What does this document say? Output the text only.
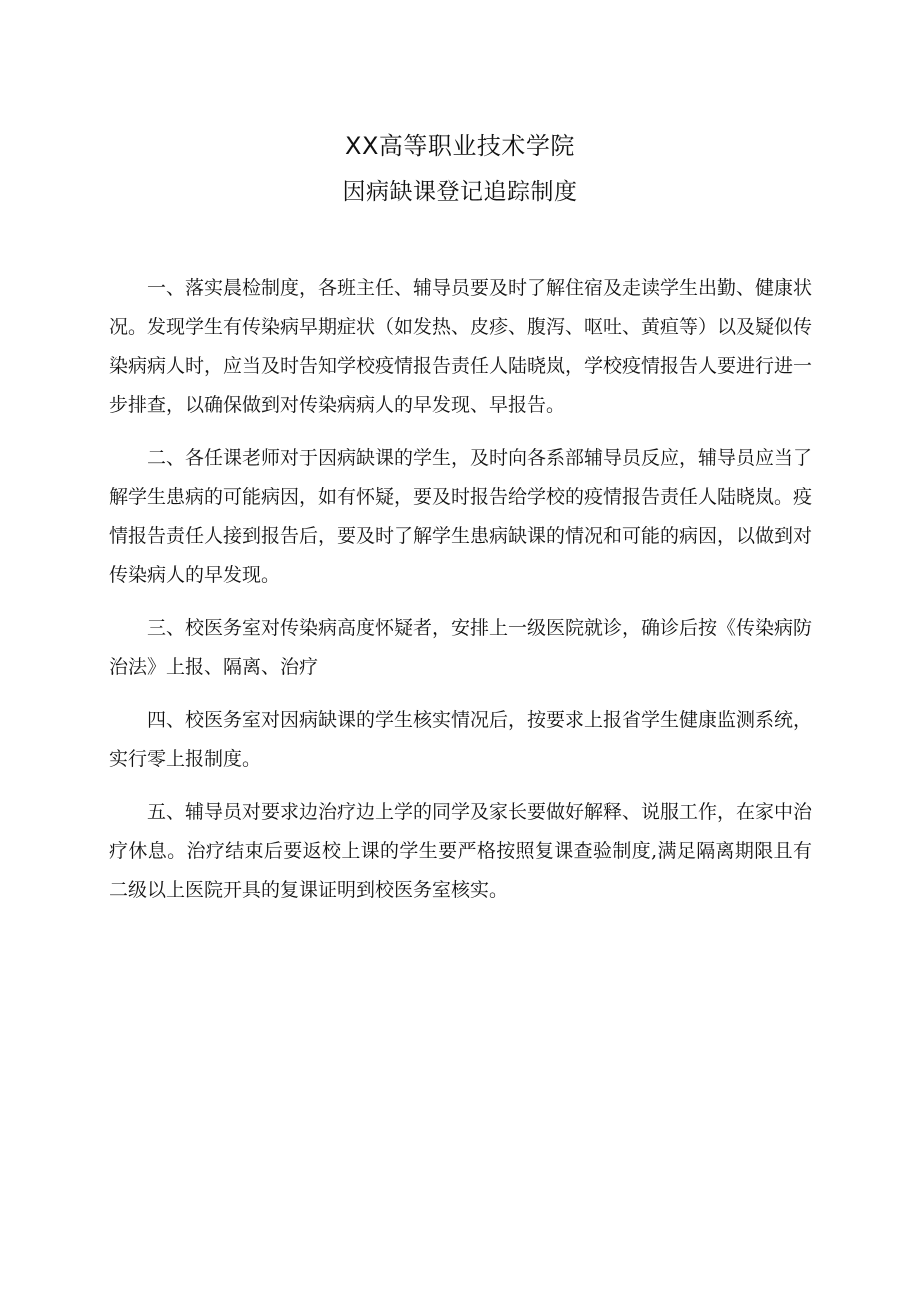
XX高等职业技术学院
因病缺课登记追踪制度

一、落实晨检制度，各班主任、辅导员要及时了解住宿及走读学生出勤、健康状况。发现学生有传染病早期症状（如发热、皮疹、腹泻、呕吐、黄疸等）以及疑似传染病病人时，应当及时告知学校疫情报告责任人陆晓岚，学校疫情报告人要进行进一步排查，以确保做到对传染病病人的早发现、早报告。

二、各任课老师对于因病缺课的学生，及时向各系部辅导员反应，辅导员应当了解学生患病的可能病因，如有怀疑，要及时报告给学校的疫情报告责任人陆晓岚。疫情报告责任人接到报告后，要及时了解学生患病缺课的情况和可能的病因，以做到对传染病人的早发现。

三、校医务室对传染病高度怀疑者，安排上一级医院就诊，确诊后按《传染病防治法》上报、隔离、治疗

四、校医务室对因病缺课的学生核实情况后，按要求上报省学生健康监测系统，实行零上报制度。

五、辅导员对要求边治疗边上学的同学及家长要做好解释、说服工作，在家中治疗休息。治疗结束后要返校上课的学生要严格按照复课查验制度,满足隔离期限且有二级以上医院开具的复课证明到校医务室核实。
